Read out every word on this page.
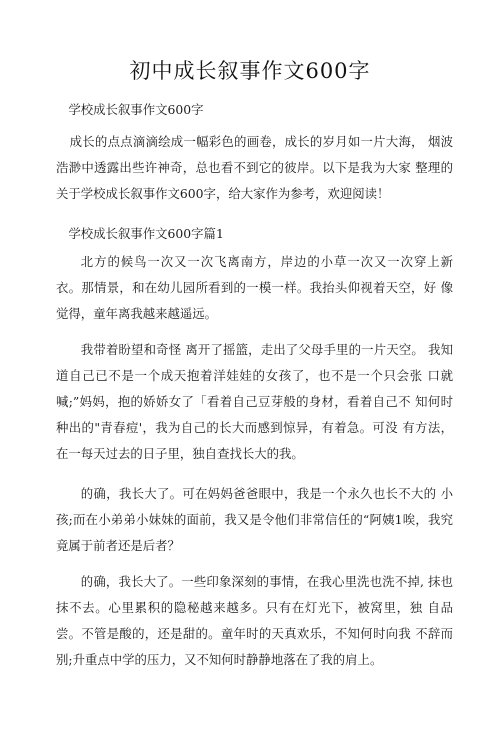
初中成长叙事作文600字

学校成长叙事作文600字

成长的点点滴滴绘成一幅彩色的画卷，成长的岁月如一片大海， 烟波浩渺中透露出些许神奇，总也看不到它的彼岸。以下是我为大家 整理的关于学校成长叙事作文600字，给大家作为参考，欢迎阅读！

学校成长叙事作文600字篇1

北方的候鸟一次又一次飞离南方，岸边的小草一次又一次穿上新 衣。那情景，和在幼儿园所看到的一模一样。我抬头仰视着天空，好 像觉得，童年离我越来越遥远。

我带着盼望和奇怪 离开了摇篮，走出了父母手里的一片天空。 我知道自己已不是一个成天抱着洋娃娃的女孩了，也不是一个只会张 口就喊;”妈妈，抱的娇娇女了「看着自己豆芽般的身材，看着自己不 知何时种出的"青春痘'，我为自己的长大而感到惊异，有着急。可没 有方法，在一每天过去的日子里，独自查找长大的我。

的确，我长大了。可在妈妈爸爸眼中，我是一个永久也长不大的 小孩;而在小弟弟小妹妹的面前，我又是令他们非常信任的“阿姨1唉，我究竟属于前者还是后者？

的确，我长大了。一些印象深刻的事情，在我心里洗也洗不掉, 抹也抹不去。心里累积的隐秘越来越多。只有在灯光下，被窝里，独 自品尝。不管是酸的，还是甜的。童年时的天真欢乐，不知何时向我 不辞而别;升重点中学的压力，又不知何时静静地落在了我的肩上。
